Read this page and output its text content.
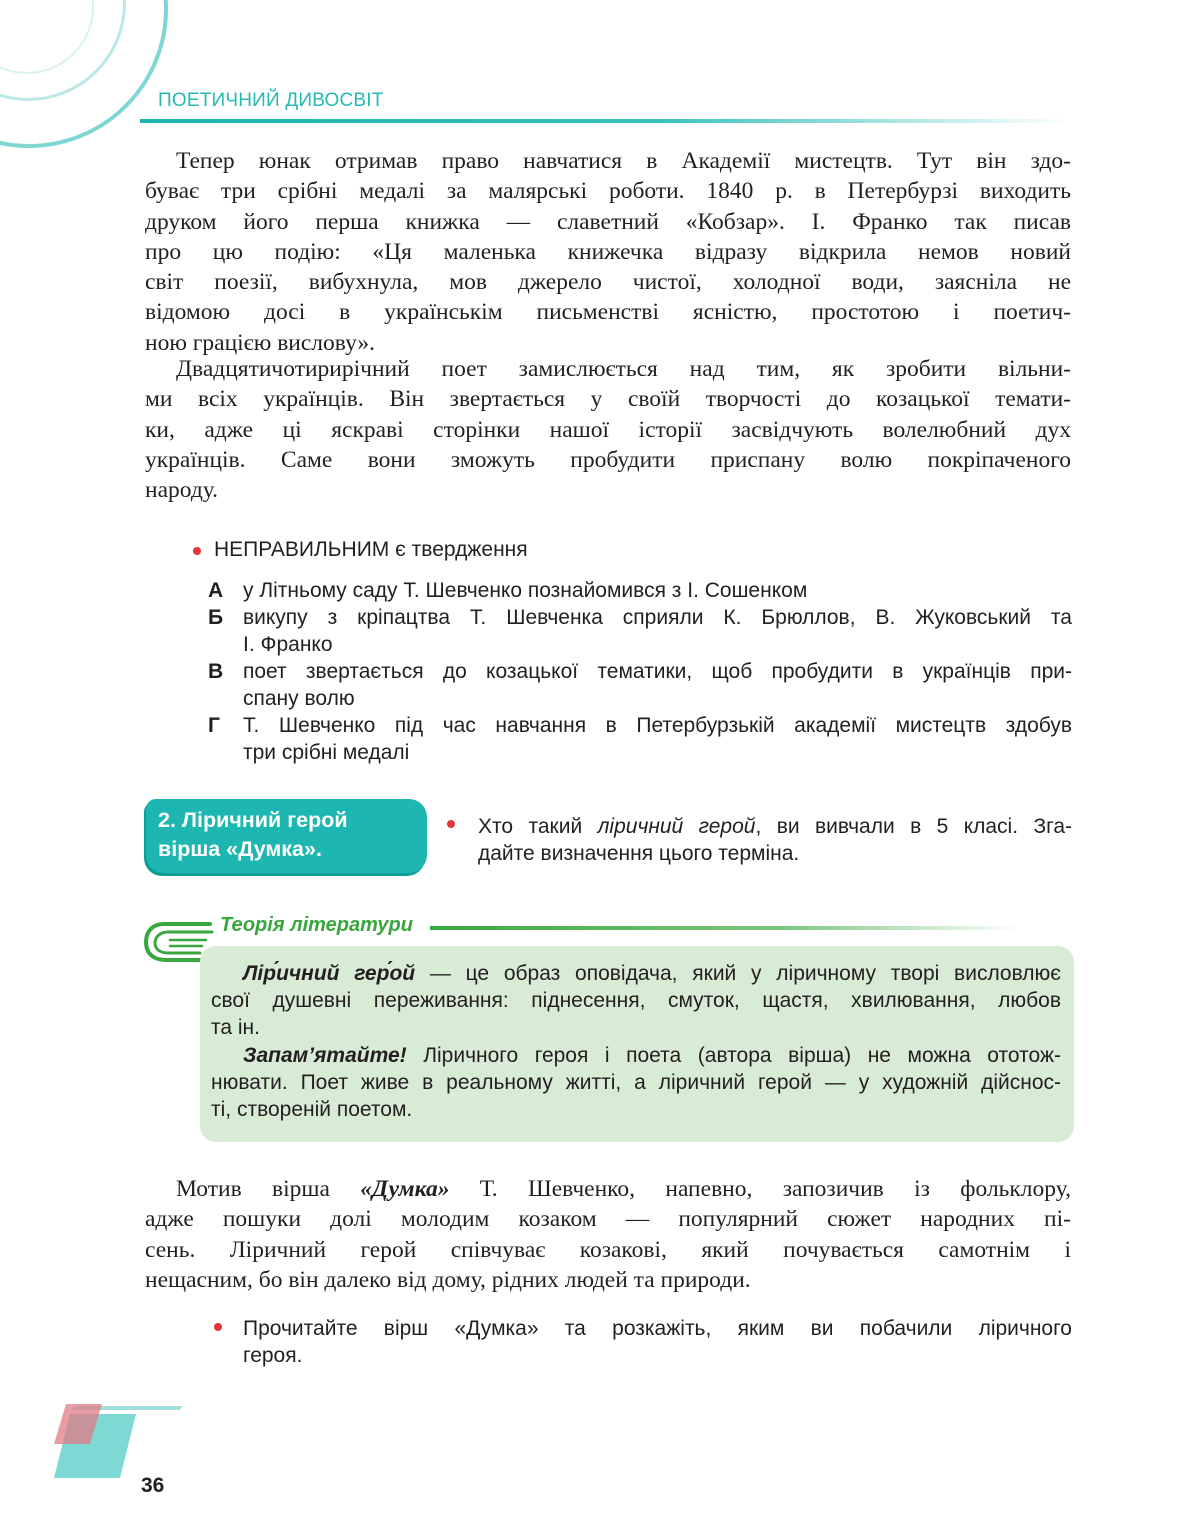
ПОЕТИЧНИЙ ДИВОСВІТ
Тепер юнак отримав право навчатися в Академії мистецтв. Тут він здо-
буває три срібні медалі за малярські роботи. 1840 р. в Петербурзі виходить
друком його перша книжка — славетний «Кобзар». І. Франко так писав
про цю подію: «Ця маленька книжечка відразу відкрила немов новий
світ поезії, вибухнула, мов джерело чистої, холодної води, заясніла не
відомою досі в українськім письменстві ясністю, простотою і поетич-
ною грацією вислову».
Двадцятичотирирічний поет замислюється над тим, як зробити вільни-
ми всіх українців. Він звертається у своїй творчості до козацької темати-
ки, адже ці яскраві сторінки нашої історії засвідчують волелюбний дух
українців. Саме вони зможуть пробудити приспану волю покріпаченого
народу.
НЕПРАВИЛЬНИМ є твердження
А у Літньому саду Т. Шевченко познайомився з І. Сошенком
Б викупу з кріпацтва Т. Шевченка сприяли К. Брюллов, В. Жуковський та
І. Франко
В поет звертається до козацької тематики, щоб пробудити в українців при-
спану волю
Г	Т. Шевченко під час навчання в Петербурзькій академії мистецтв здобув
три срібні медалі
2. Ліричний герой
вірша «Думка».
Хто такий ліричний герой, ви вивчали в 5 класі. Зга-
дайте визначення цього терміна.
Теорія літератури
Лір́ичний гер́ой — це образ оповідача, який у ліричному творі висловлює
свої душевні переживання: піднесення, смуток, щастя, хвилювання, любов
та ін.
Запам’ятайте! Ліричного героя і поета (автора вірша) не можна ототож-
нювати. Поет живе в реальному житті, а ліричний герой — у художній дійснос-
ті, створеній поетом.
Мотив вірша «Думка» Т. Шевченко, напевно, запозичив із фольклору,
адже пошуки долі молодим козаком — популярний сюжет народних пі-
сень. Ліричний герой співчуває козакові, який почувається самотнім і
нещасним, бо він далеко від дому, рідних людей та природи.
Прочитайте вірш «Думка» та розкажіть, яким ви побачили ліричного
героя.
36
